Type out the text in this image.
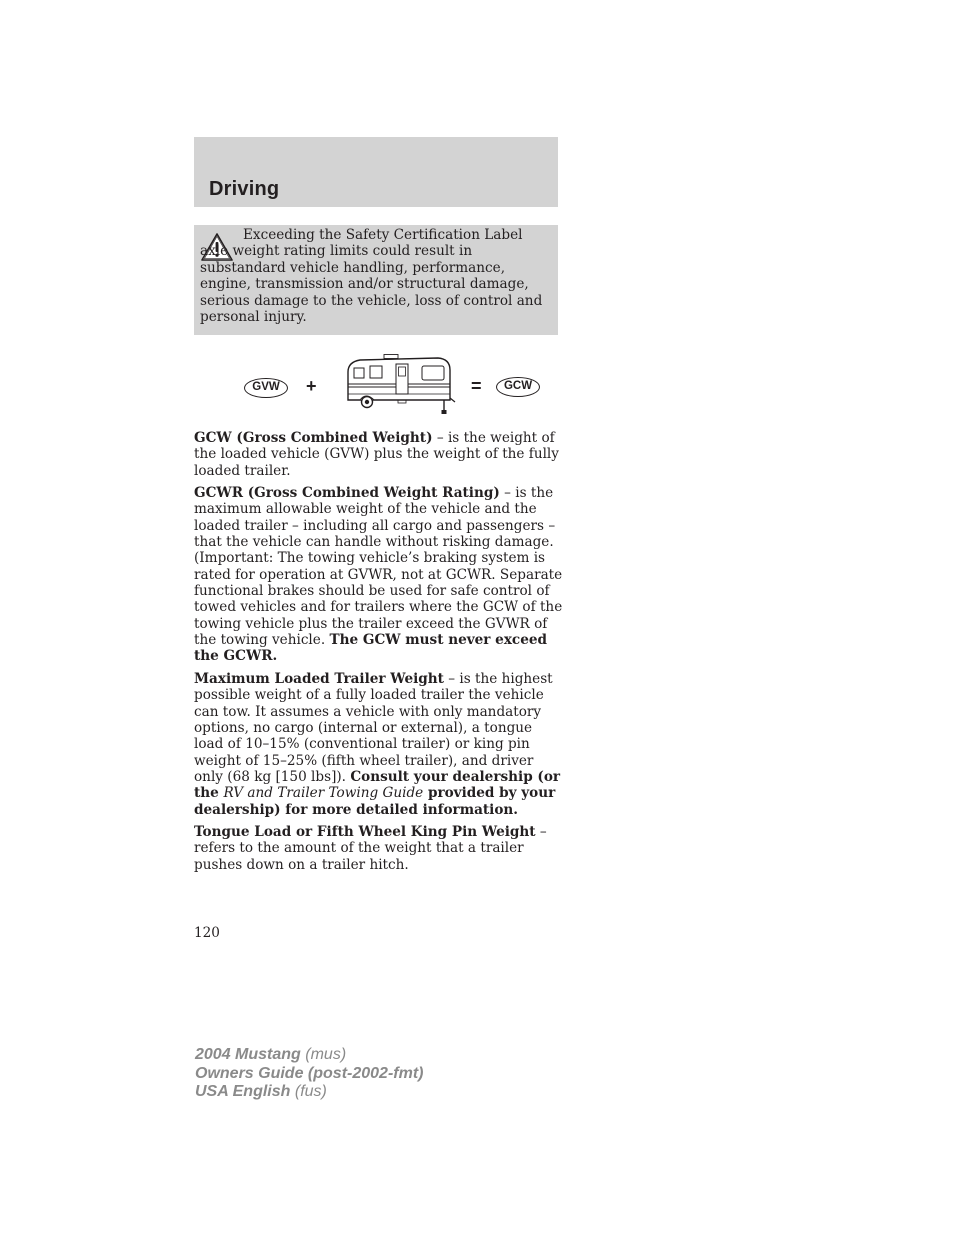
Driving
Exceeding the Safety Certification Label axle weight rating limits could result in substandard vehicle handling, performance, engine, transmission and/or structural damage, serious damage to the vehicle, loss of control and personal injury.
GVW	+	=	GCW

GCW (Gross Combined Weight) – is the weight of the loaded vehicle (GVW) plus the weight of the fully loaded trailer.

GCWR (Gross Combined Weight Rating) – is the maximum allowable weight of the vehicle and the loaded trailer – including all cargo and passengers – that the vehicle can handle without risking damage. (Important: The towing vehicle’s braking system is rated for operation at GVWR, not at GCWR. Separate functional brakes should be used for safe control of towed vehicles and for trailers where the GCW of the towing vehicle plus the trailer exceed the GVWR of the towing vehicle. The GCW must never exceed the GCWR.

Maximum Loaded Trailer Weight – is the highest possible weight of a fully loaded trailer the vehicle can tow. It assumes a vehicle with only mandatory options, no cargo (internal or external), a tongue load of 10–15% (conventional trailer) or king pin weight of 15–25% (fifth wheel trailer), and driver only (68 kg [150 lbs]). Consult your dealership (or the RV and Trailer Towing Guide provided by your dealership) for more detailed information.

Tongue Load or Fifth Wheel King Pin Weight – refers to the amount of the weight that a trailer pushes down on a trailer hitch.

120
2004 Mustang (mus)
Owners Guide (post-2002-fmt)
USA English (fus)
